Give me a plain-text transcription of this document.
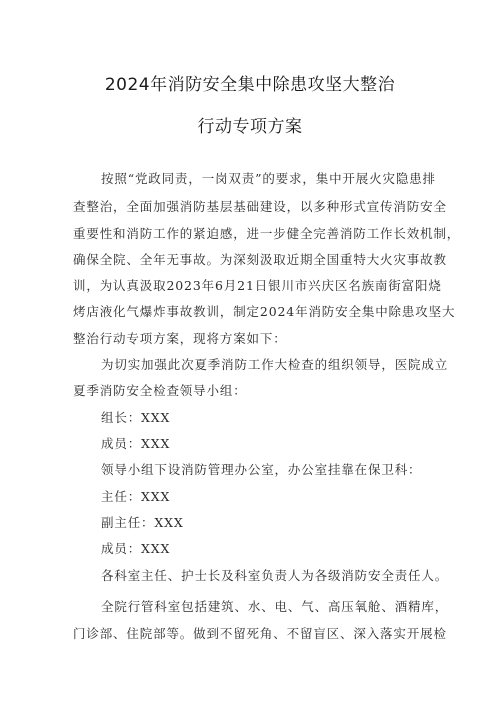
2024年消防安全集中除患攻坚大整治
行动专项方案
按照“党政同责，一岗双责”的要求，集中开展火灾隐患排
查整治，全面加强消防基层基础建设，以多种形式宣传消防安全
重要性和消防工作的紧迫感，进一步健全完善消防工作长效机制，
确保全院、全年无事故。为深刻汲取近期全国重特大火灾事故教
训，为认真汲取2023年6月21日银川市兴庆区名族南街富阳烧
烤店液化气爆炸事故教训，制定2024年消防安全集中除患攻坚大
整治行动专项方案，现将方案如下：
为切实加强此次夏季消防工作大检查的组织领导，医院成立
夏季消防安全检查领导小组：
组长：XXX
成员：XXX
领导小组下设消防管理办公室，办公室挂靠在保卫科：
主任：XXX
副主任：XXX
成员：XXX
各科室主任、护士长及科室负责人为各级消防安全责任人。
全院行管科室包括建筑、水、电、气、高压氧舱、酒精库，
门诊部、住院部等。做到不留死角、不留盲区、深入落实开展检
